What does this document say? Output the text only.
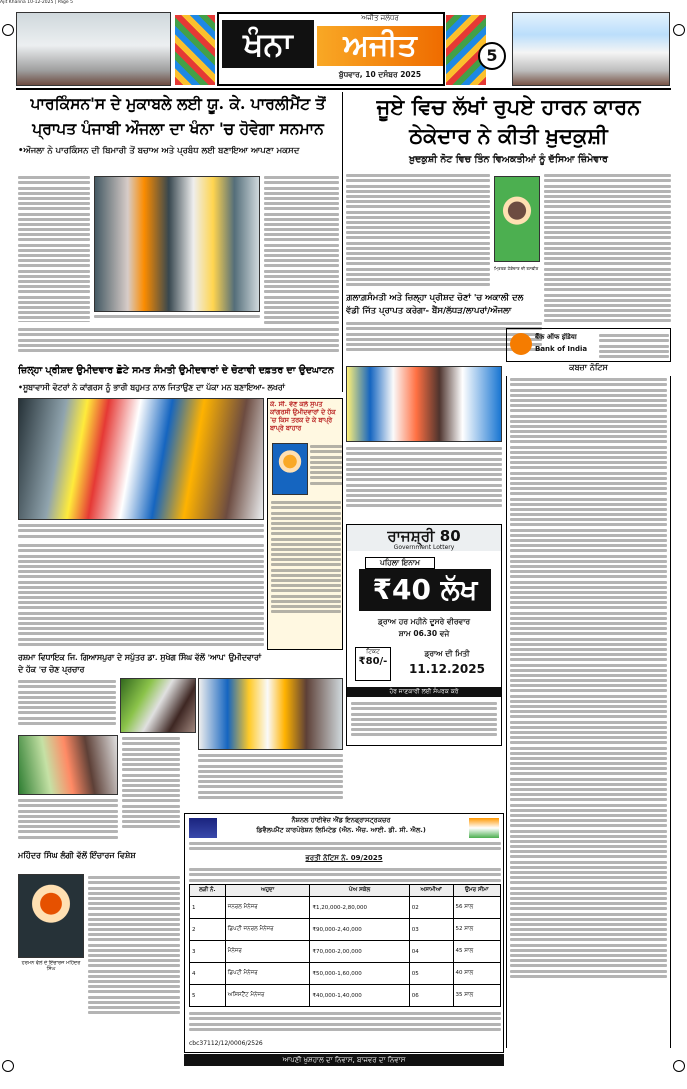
Ajit Khanna 10-12-2025 | Page 5
ਖੰਨਾ
ਅਜੀਤ ਜਲੰਧਰ
ਅਜੀਤ
ਬੁੱਧਵਾਰ, 10 ਦਸੰਬਰ 2025
5
ਪਾਰਕਿੰਸਨ'ਸ ਦੇ ਮੁਕਾਬਲੇ ਲਈ ਯੂ. ਕੇ. ਪਾਰਲੀਮੈਂਟ ਤੋਂ
ਪ੍ਰਾਪਤ ਪੰਜਾਬੀ ਔਜਲਾ ਦਾ ਖੰਨਾ 'ਚ ਹੋਵੇਗਾ ਸਨਮਾਨ
•ਔਜਲਾ ਨੇ ਪਾਰਕਿੰਸਨ ਦੀ ਬਿਮਾਰੀ ਤੋਂ ਬਚਾਅ ਅਤੇ ਪ੍ਰਬੰਧ ਲਈ ਬਣਾਇਆ ਆਪਣਾ ਮਕਸਦ
ਜੂਏ ਵਿਚ ਲੱਖਾਂ ਰੁਪਏ ਹਾਰਨ ਕਾਰਨ
ਠੇਕੇਦਾਰ ਨੇ ਕੀਤੀ ਖ਼ੁਦਕੁਸ਼ੀ
ਖ਼ੁਦਕੁਸ਼ੀ ਨੋਟ ਵਿਚ ਤਿੰਨ ਵਿਅਕਤੀਆਂ ਨੂੰ ਦੱਸਿਆ ਜ਼ਿੰਮੇਵਾਰ
ਮ੍ਰਿਤਕ ਠੇਕੇਦਾਰ ਦੀ ਤਸਵੀਰ
ਗ਼ਲਾਗ਼ਸੰਮਤੀ ਅਤੇ ਜ਼ਿਲ੍ਹਾ ਪ੍ਰੀਸ਼ਦ ਚੋਣਾਂ 'ਚ ਅਕਾਲੀ ਦਲ
ਵੱਡੀ ਜਿੱਤ ਪ੍ਰਾਪਤ ਕਰੇਗਾ- ਬੈਂਸ/ਲੱਧੜ/ਲਾਪਰਾਂ/ਔਜਲਾ
बैंक ऑफ इंडिया
Bank of India
ਕਬਜ਼ਾ ਨੋਟਿਸ
ਜ਼ਿਲ੍ਹਾ ਪ੍ਰੀਸ਼ਦ ਉਮੀਦਵਾਰ ਛੋਟੇ ਸਮਤ ਸੰਮਤੀ ਉਮੀਦਵਾਰਾਂ ਦੇ ਚੋਣਾਵੀ ਦਫ਼ਤਰ ਦਾ ਉਦਘਾਟਨ
•ਸੂਬਾਵਾਸੀ ਵੋਟਰਾਂ ਨੇ ਕਾਂਗਰਸ ਨੂੰ ਭਾਰੀ ਬਹੁਮਤ ਨਾਲ ਜਿਤਾਉਣ ਦਾ ਪੱਕਾ ਮਨ ਬਣਾਇਆ- ਲਖਰਾਂ
ਕੇ. ਸੀ. ਵੇਣ ਕਲੇ ਸੁਪਤ ਕਾਂਗਰਸੀ ਉਮੀਦਵਾਰਾਂ ਦੇ ਹੱਕ 'ਚ ਕਿਸ ਤਰਕ ਦੇ ਕੇ ਬਾਪ੍ਰੇ ਬਾਪ੍ਰੇ ਬਾਹਾਰ
ਰਾਜਸ਼੍ਰੀ 80
Government Lottery
ਪਹਿਲਾ ਇਨਾਮ
₹40 ਲੱਖ
ਡ੍ਰਾਅ ਹਰ ਮਹੀਨੇ ਦੂਸਰੇ ਵੀਰਵਾਰ
ਸ਼ਾਮ 06.30 ਵਜੇ
ਟਿਕਟ
₹80/-
ਡ੍ਰਾਅ ਦੀ ਮਿਤੀ
11.12.2025
ਹੋਰ ਜਾਣਕਾਰੀ ਲਈ ਸੰਪਰਕ ਕਰੋ
ਰਸ਼ਮਾ ਵਿਧਾਇਕ ਜਿ. ਗਿਆਸਪੁਰਾ ਦੇ ਸਪੁੱਤਰ ਡਾ. ਸੁਖੇਗ ਸਿੰਘ ਵੱਲੋਂ 'ਆਪ' ਉਮੀਦਵਾਰਾਂ ਦੇ ਹੱਕ 'ਚ ਚੋਣ ਪ੍ਰਚਾਰ
ਨੈਸ਼ਨਲ ਹਾਈਵੇਜ਼ ਐਂਡ ਇਨਫ੍ਰਾਸਟ੍ਰਕਚਰ
ਡਿਵੈਲਪਮੈਂਟ ਕਾਰਪੋਰੇਸ਼ਨ ਲਿਮਿਟੇਡ (ਐਨ. ਐਚ. ਆਈ. ਡੀ. ਸੀ. ਐਲ.)
ਭਰਤੀ ਨੋਟਿਸ ਨੰ. 09/2025
ਲੜੀ ਨੰ.	ਅਹੁਦਾ	ਪੇਅ ਸਕੇਲ	ਅਸਾਮੀਆਂ	ਉਮਰ ਸੀਮਾ
1	ਜਨਰਲ ਮੈਨੇਜਰ	₹1,20,000-2,80,000	02	56 ਸਾਲ
2	ਡਿਪਟੀ ਜਨਰਲ ਮੈਨੇਜਰ	₹90,000-2,40,000	03	52 ਸਾਲ
3	ਮੈਨੇਜਰ	₹70,000-2,00,000	04	45 ਸਾਲ
4	ਡਿਪਟੀ ਮੈਨੇਜਰ	₹50,000-1,60,000	05	40 ਸਾਲ
5	ਅਸਿਸਟੈਂਟ ਮੈਨੇਜਰ	₹40,000-1,40,000	06	35 ਸਾਲ
cbc37112/12/0006/2526
ਮਹਿੰਦਰ ਸਿੰਘ ਲੰਗੀ ਵੱਲੋਂ ਇੰਚਾਰਜ ਵਿਸ਼ੇਸ਼
ਹਰਮਨ ਵੱਲੋਂ ਦੇ ਇੰਚਾਰਜ ਮਹਿੰਦਰ ਸਿੰਘ
ਆਪਣੀ ਖੁਸ਼ਹਾਲ ਦਾ ਨਿਵਾਸ, ਬਾਜਵਰ ਦਾ ਨਿਵਾਸ
